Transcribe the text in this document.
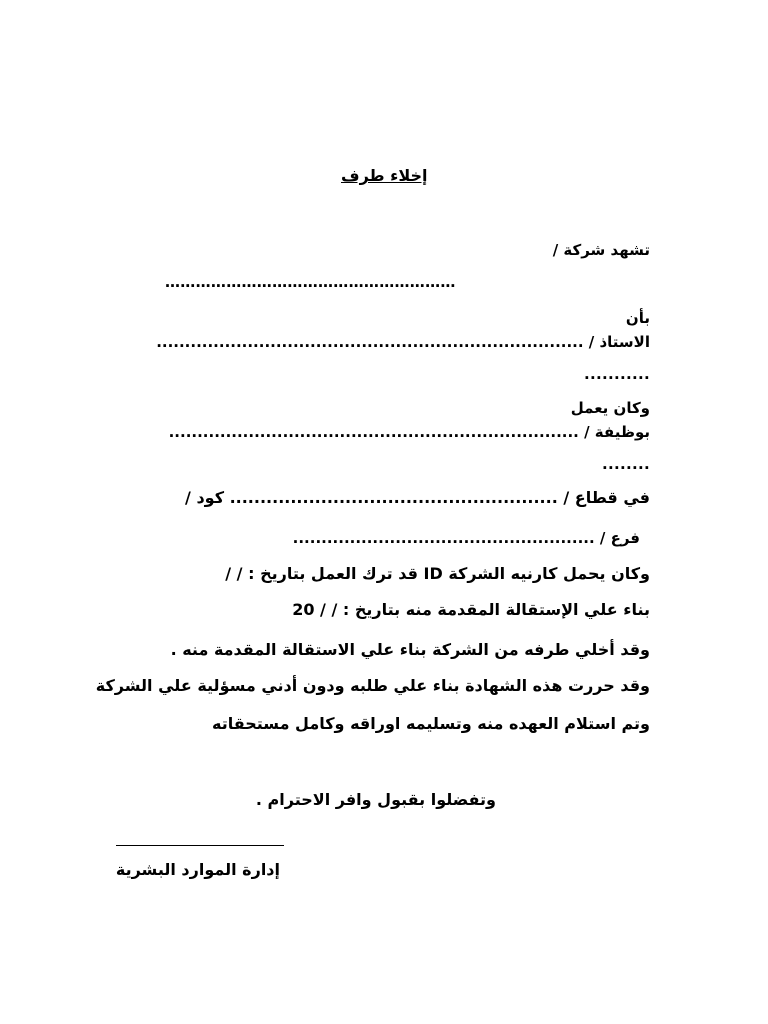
إخلاء طرف
تشهد شركة /
…………………………………………………
بأن
الاستاذ / ...........................................................................
...........
وكان يعمل
بوظيفة / ........................................................................
........
في قطاع / ...................................................... كود /
فرع / .....................................................
وكان يحمل كارنيه الشركة ID قد ترك العمل بتاريخ : / /
بناء علي الإستقالة المقدمة منه بتاريخ : / / 20
وقد أخلي طرفه من الشركة بناء علي الاستقالة المقدمة منه .
وقد حررت هذه الشهادة بناء علي طلبه ودون أدني مسؤلية علي الشركة
وتم استلام العهده منه وتسليمه اوراقه وكامل مستحقاته
وتفضلوا بقبول وافر الاحترام .
إدارة الموارد البشرية
